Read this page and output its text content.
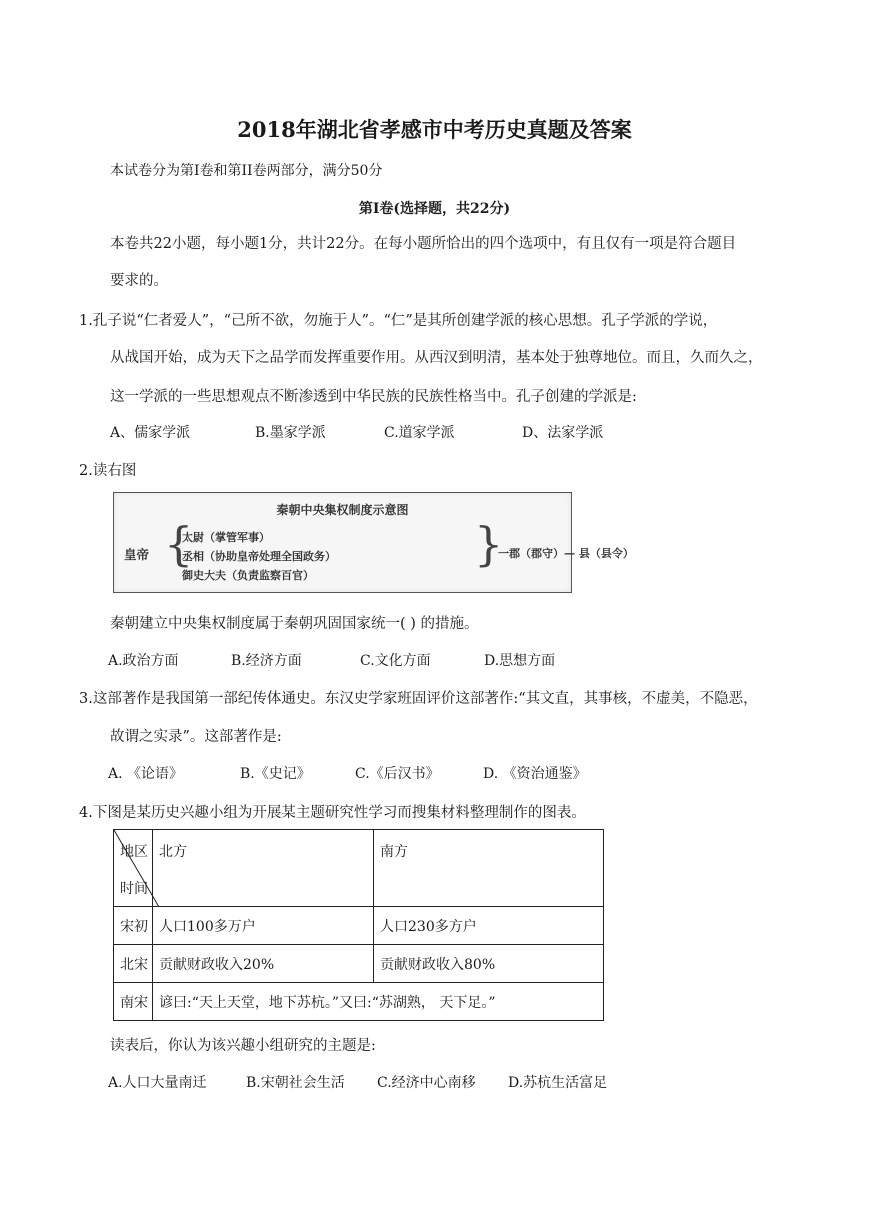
2018年湖北省孝感市中考历史真题及答案
本试卷分为第I卷和第II卷两部分，满分50分
第I卷(选择题，共22分)
本卷共22小题，每小题1分，共计22分。在每小题所恰出的四个选项中，有且仅有一项是符合题目
要求的。
1.孔子说“仁者爱人”，“己所不欲，勿施于人”。“仁”是其所创建学派的核心思想。孔子学派的学说，
从战国开始，成为天下之品学而发挥重要作用。从西汉到明清，基本处于独尊地位。而且，久而久之，
这一学派的一些思想观点不断渗透到中华民族的民族性格当中。孔子创建的学派是:
A、儒家学派	B.墨家学派	C.道家学派	D、法家学派
2.读右图
秦朝中央集权制度示意图
皇帝 {
太尉（掌管军事）
丞相（协助皇帝处理全国政务）
御史大夫（负责监察百官）
}
一郡（郡守）— 县（县令）
秦朝建立中央集权制度属于秦朝巩固国家统一( ) 的措施。
A.政治方面	B.经济方面	C.文化方面	D.思想方面
3.这部著作是我国第一部纪传体通史。东汉史学家班固评价这部著作:“其文直，其事核，不虚美，不隐恶，
故谓之实录”。这部著作是:
A. 《论语》	B.《史记》	C.《后汉书》	D. 《资治通鉴》
4.下图是某历史兴趣小组为开展某主题研究性学习而搜集材料整理制作的图表。
地区
时间	北方	南方
宋初	人口100多万户	人口230多方户
北宋	贡献财政收入20%	贡献财政收入80%
南宋	谚曰:“天上天堂，地下苏杭。”又曰:“苏湖熟， 天下足。”	
读表后，你认为该兴趣小组研究的主题是:
A.人口大量南迁	B.宋朝社会生活 C.经济中心南移 D.苏杭生活富足
